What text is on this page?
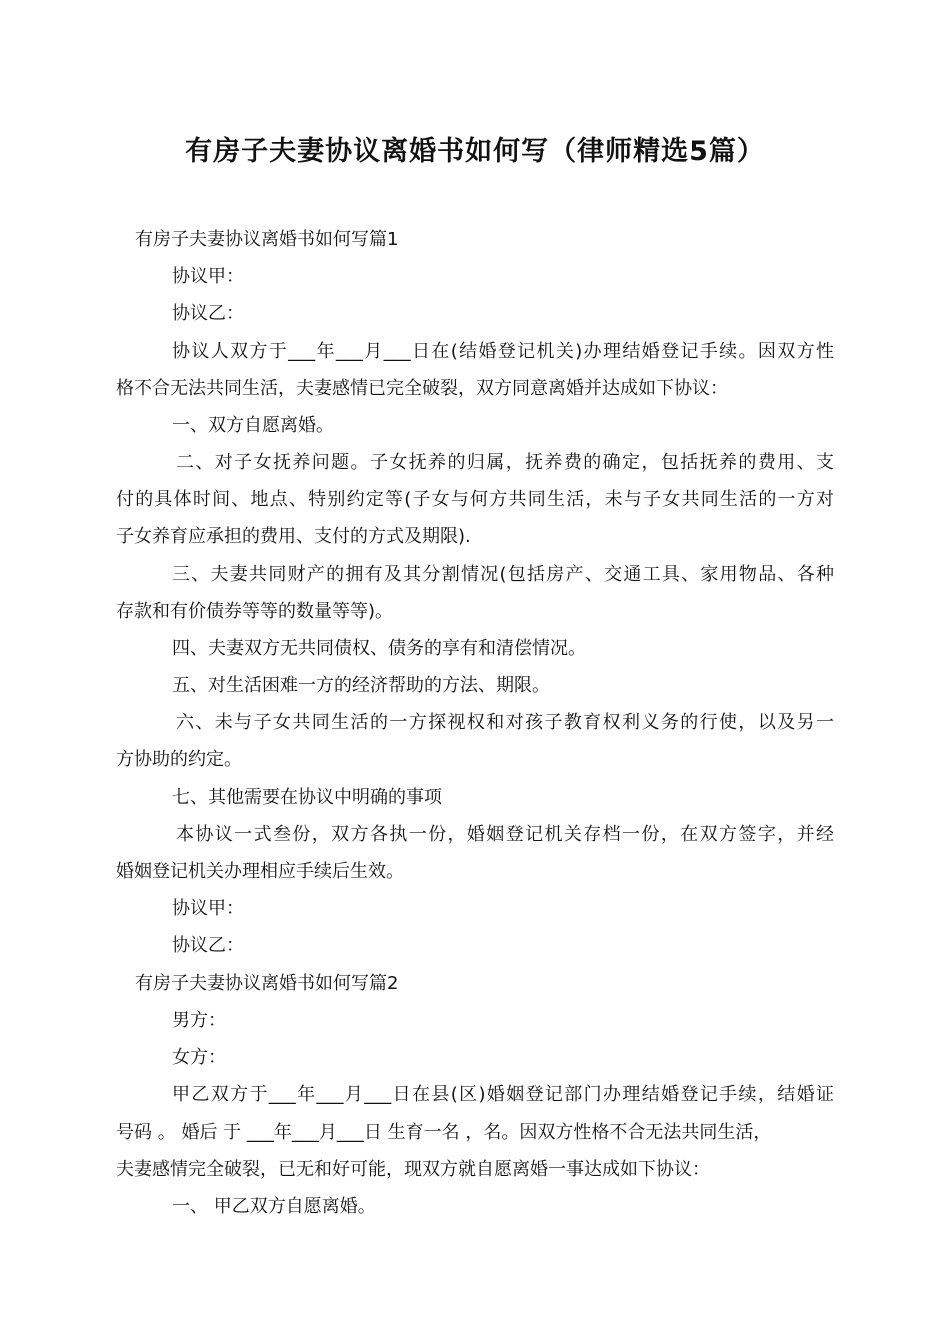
有房子夫妻协议离婚书如何写（律师精选5篇）
有房子夫妻协议离婚书如何写篇1
协议甲：
协议乙：
协议人双方于___年___月___日在(结婚登记机关)办理结婚登记手续。因双方性
格不合无法共同生活，夫妻感情已完全破裂，双方同意离婚并达成如下协议：
一、双方自愿离婚。
二、对子女抚养问题。子女抚养的归属，抚养费的确定，包括抚养的费用、支
付的具体时间、地点、特别约定等(子女与何方共同生活，未与子女共同生活的一方对
子女养育应承担的费用、支付的方式及期限).
三、夫妻共同财产的拥有及其分割情况(包括房产、交通工具、家用物品、各种
存款和有价债券等等的数量等等)。
四、夫妻双方无共同债权、债务的享有和清偿情况。
五、对生活困难一方的经济帮助的方法、期限。
六、未与子女共同生活的一方探视权和对孩子教育权利义务的行使，以及另一
方协助的约定。
七、其他需要在协议中明确的事项
本协议一式叁份，双方各执一份，婚姻登记机关存档一份，在双方签字，并经
婚姻登记机关办理相应手续后生效。
协议甲：
协议乙：
有房子夫妻协议离婚书如何写篇2
男方：
女方：
甲乙双方于___年___月___日在县(区)婚姻登记部门办理结婚登记手续，结婚证
号码 。 婚后 于 ___年___月___日 生育一名 ，名。因双方性格不合无法共同生活，
夫妻感情完全破裂，已无和好可能，现双方就自愿离婚一事达成如下协议：
一、 甲乙双方自愿离婚。
